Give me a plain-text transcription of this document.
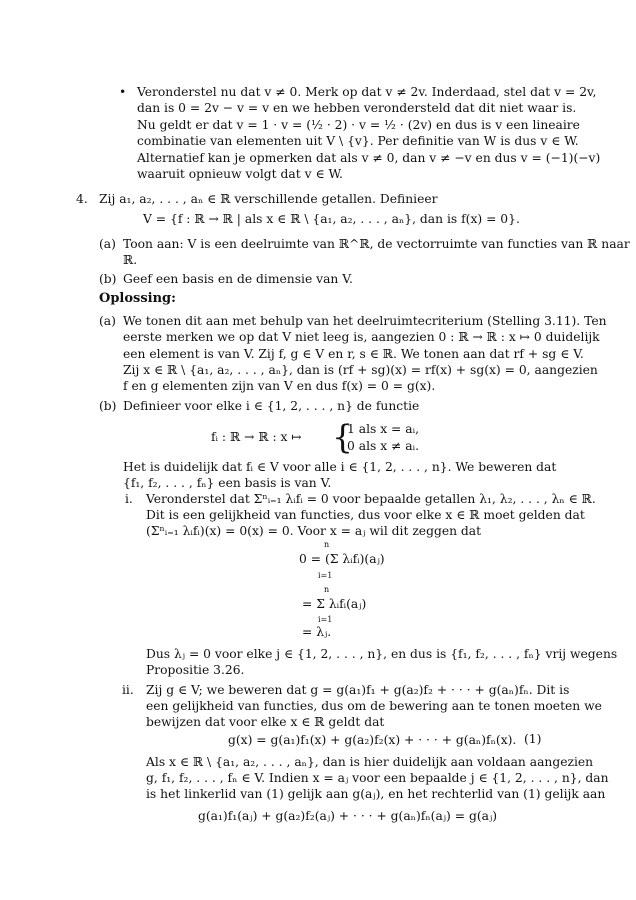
• Veronderstel nu dat v ≠ 0. Merk op dat v ≠ 2v. Inderdaad, stel dat v = 2v,
dan is 0 = 2v − v = v en we hebben verondersteld dat dit niet waar is.
Nu geldt er dat v = 1 · v = (½ · 2) · v = ½ · (2v) en dus is v een lineaire
combinatie van elementen uit V \ {v}. Per definitie van W is dus v ∈ W.
Alternatief kan je opmerken dat als v ≠ 0, dan v ≠ −v en dus v = (−1)(−v)
waaruit opnieuw volgt dat v ∈ W.
4. Zij a₁, a₂, . . . , aₙ ∈ ℝ verschillende getallen. Definieer
V = {f : ℝ → ℝ | als x ∈ ℝ \ {a₁, a₂, . . . , aₙ}, dan is f(x) = 0}.
(a) Toon aan: V is een deelruimte van ℝ^ℝ, de vectorruimte van functies van ℝ naar
ℝ.
(b) Geef een basis en de dimensie van V.
Oplossing:
(a) We tonen dit aan met behulp van het deelruimtecriterium (Stelling 3.11). Ten
eerste merken we op dat V niet leeg is, aangezien 0 : ℝ → ℝ : x ↦ 0 duidelijk
een element is van V. Zij f, g ∈ V en r, s ∈ ℝ. We tonen aan dat rf + sg ∈ V.
Zij x ∈ ℝ \ {a₁, a₂, . . . , aₙ}, dan is (rf + sg)(x) = rf(x) + sg(x) = 0, aangezien
f en g elementen zijn van V en dus f(x) = 0 = g(x).
(b) Definieer voor elke i ∈ {1, 2, . . . , n} de functie
fᵢ : ℝ → ℝ : x ↦ {
1 als x = aᵢ,
0 als x ≠ aᵢ.
Het is duidelijk dat fᵢ ∈ V voor alle i ∈ {1, 2, . . . , n}. We beweren dat
{f₁, f₂, . . . , fₙ} een basis is van V.
i. Veronderstel dat Σⁿᵢ₌₁ λᵢfᵢ = 0 voor bepaalde getallen λ₁, λ₂, . . . , λₙ ∈ ℝ.
Dit is een gelijkheid van functies, dus voor elke x ∈ ℝ moet gelden dat
(Σⁿᵢ₌₁ λᵢfᵢ)(x) = 0(x) = 0. Voor x = aⱼ wil dit zeggen dat
n
0 = (Σ λᵢfᵢ)(aⱼ)
i=1
n
= Σ λᵢfᵢ(aⱼ)
i=1
= λⱼ.
Dus λⱼ = 0 voor elke j ∈ {1, 2, . . . , n}, en dus is {f₁, f₂, . . . , fₙ} vrij wegens
Propositie 3.26.
ii. Zij g ∈ V; we beweren dat g = g(a₁)f₁ + g(a₂)f₂ + · · · + g(aₙ)fₙ. Dit is
een gelijkheid van functies, dus om de bewering aan te tonen moeten we
bewijzen dat voor elke x ∈ ℝ geldt dat
g(x) = g(a₁)f₁(x) + g(a₂)f₂(x) + · · · + g(aₙ)fₙ(x). (1)
Als x ∈ ℝ \ {a₁, a₂, . . . , aₙ}, dan is hier duidelijk aan voldaan aangezien
g, f₁, f₂, . . . , fₙ ∈ V. Indien x = aⱼ voor een bepaalde j ∈ {1, 2, . . . , n}, dan
is het linkerlid van (1) gelijk aan g(aⱼ), en het rechterlid van (1) gelijk aan
g(a₁)f₁(aⱼ) + g(a₂)f₂(aⱼ) + · · · + g(aₙ)fₙ(aⱼ) = g(aⱼ)
